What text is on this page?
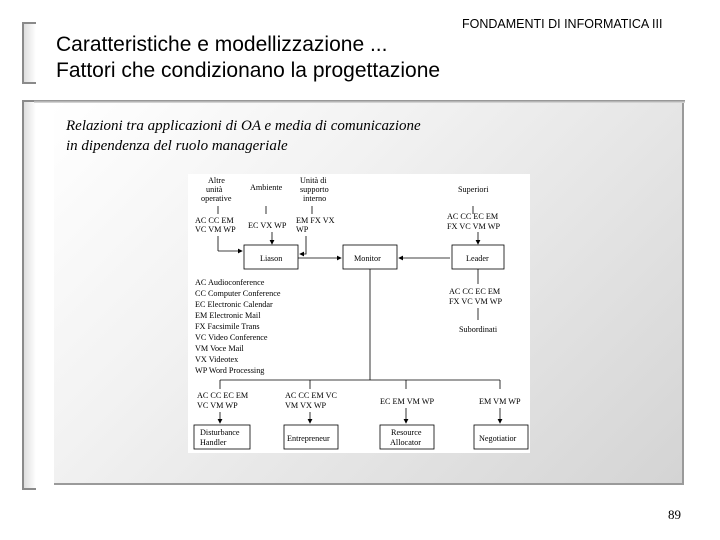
FONDAMENTI DI INFORMATICA III
Caratteristiche e modellizzazione ...
Fattori che condizionano la progettazione
Relazioni tra applicazioni di OA e media di comunicazione
in dipendenza del ruolo manageriale
Altre
unità
operative
Ambiente
Unità di
supporto
interno
Superiori
AC CC EM
VC VM WP EC VX WP
EM FX VX
WP
AC CC EC EM
FX VC VM WP
Liason	Monitor	Leader
AC CC EC EM
FX VC VM WP
Subordinati
AC Audioconference
CC Computer Conference
EC Electronic Calendar
EM Electronic Mail
FX Facsimile Trans
VC Video Conference
VM Voce Mail
VX Videotex
WP Word Processing
AC CC EC EM
VC VM WP
AC CC EM VC
VM VX WP	EC EM VM WP	EM VM WP
Disturbance
Handler	Entrepreneur
Resource
Allocator	Negotiatior
89
